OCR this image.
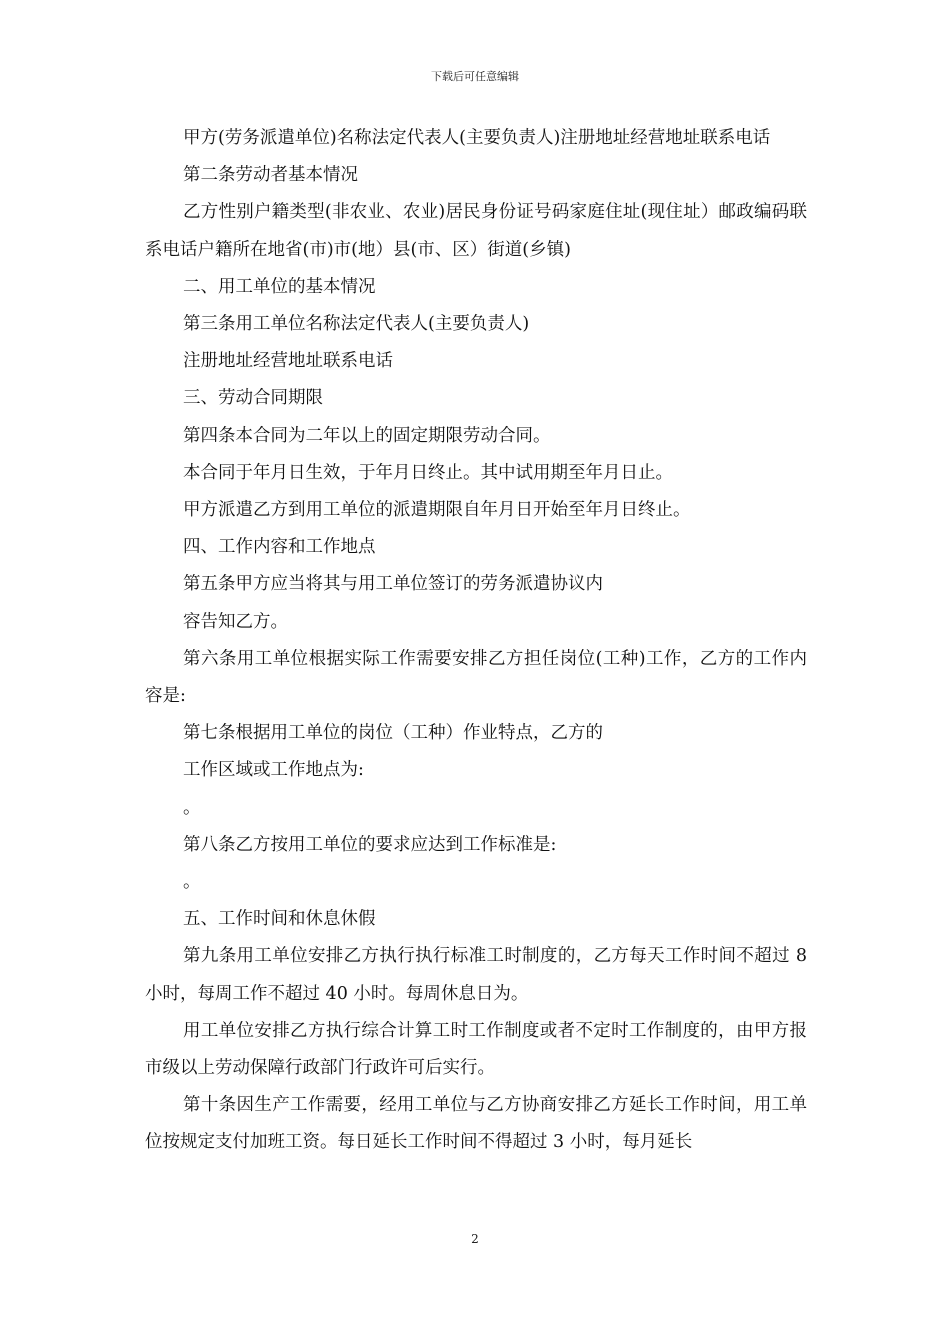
下载后可任意编辑

甲方(劳务派遣单位)名称法定代表人(主要负责人)注册地址经营地址联系电话

第二条劳动者基本情况

乙方性别户籍类型(非农业、农业)居民身份证号码家庭住址(现住址）邮政编码联系电话户籍所在地省(市)市(地）县(市、区）街道(乡镇)

二、用工单位的基本情况

第三条用工单位名称法定代表人(主要负责人)

注册地址经营地址联系电话

三、劳动合同期限

第四条本合同为二年以上的固定期限劳动合同。

本合同于年月日生效，于年月日终止。其中试用期至年月日止。

甲方派遣乙方到用工单位的派遣期限自年月日开始至年月日终止。

四、工作内容和工作地点

第五条甲方应当将其与用工单位签订的劳务派遣协议内

容告知乙方。

第六条用工单位根据实际工作需要安排乙方担任岗位(工种)工作，乙方的工作内容是:

第七条根据用工单位的岗位（工种）作业特点，乙方的

工作区域或工作地点为:

。

第八条乙方按用工单位的要求应达到工作标准是:

。

五、工作时间和休息休假

第九条用工单位安排乙方执行执行标准工时制度的，乙方每天工作时间不超过 8 小时，每周工作不超过 40 小时。每周休息日为。

用工单位安排乙方执行综合计算工时工作制度或者不定时工作制度的，由甲方报市级以上劳动保障行政部门行政许可后实行。

第十条因生产工作需要，经用工单位与乙方协商安排乙方延长工作时间，用工单位按规定支付加班工资。每日延长工作时间不得超过 3 小时，每月延长

2
